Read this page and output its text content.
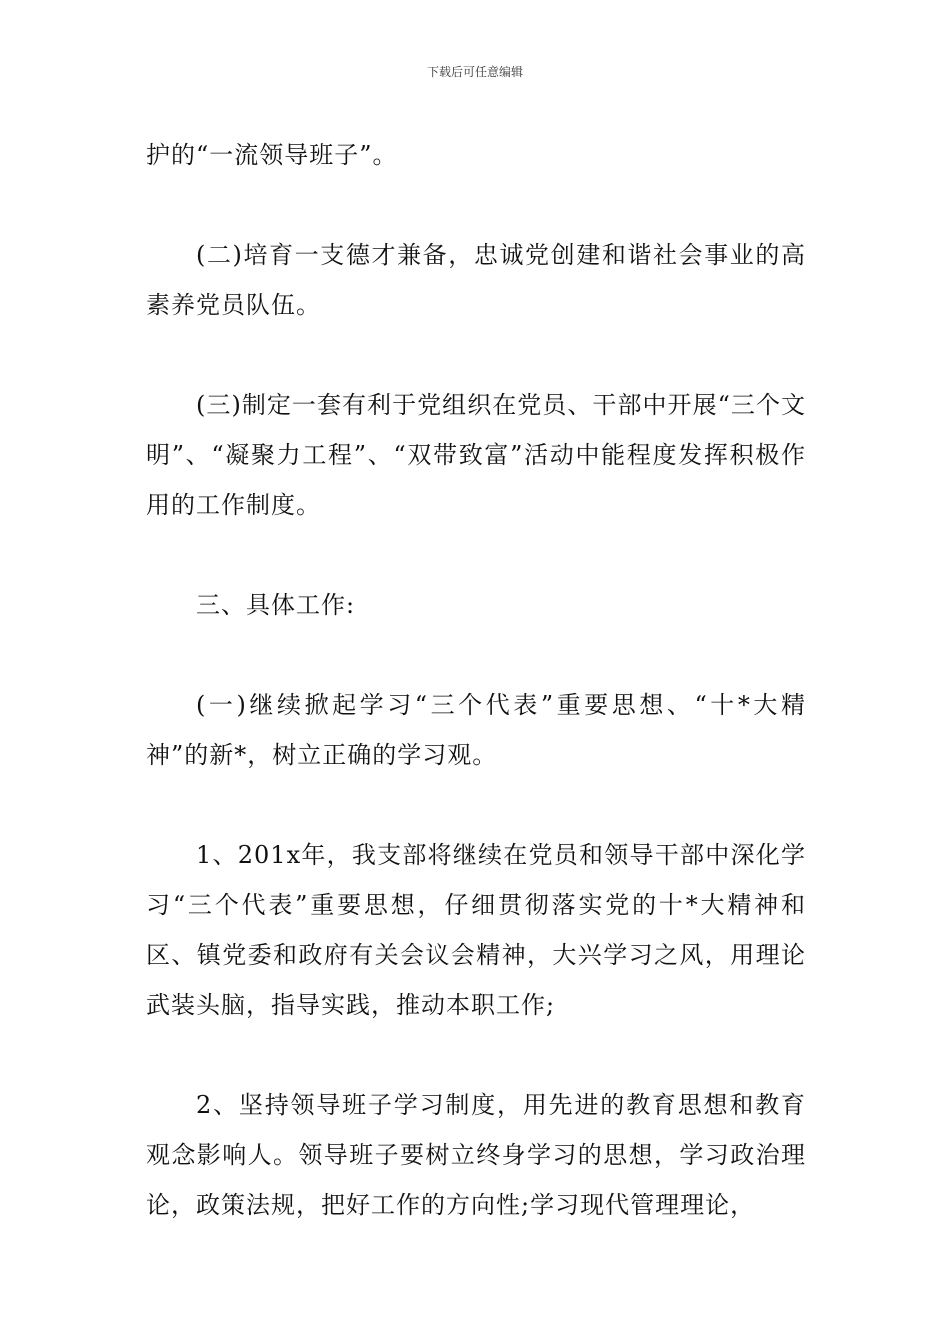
下载后可任意编辑

护的“一流领导班子”。

(二)培育一支德才兼备，忠诚党创建和谐社会事业的高素养党员队伍。

(三)制定一套有利于党组织在党员、干部中开展“三个文明”、“凝聚力工程”、“双带致富”活动中能程度发挥积极作用的工作制度。

三、具体工作:

(一)继续掀起学习“三个代表”重要思想、“十*大精神”的新*，树立正确的学习观。

1、201x年，我支部将继续在党员和领导干部中深化学习“三个代表”重要思想，仔细贯彻落实党的十*大精神和区、镇党委和政府有关会议会精神，大兴学习之风，用理论武装头脑，指导实践，推动本职工作;

2、坚持领导班子学习制度，用先进的教育思想和教育观念影响人。领导班子要树立终身学习的思想，学习政治理论，政策法规，把好工作的方向性;学习现代管理理论，
